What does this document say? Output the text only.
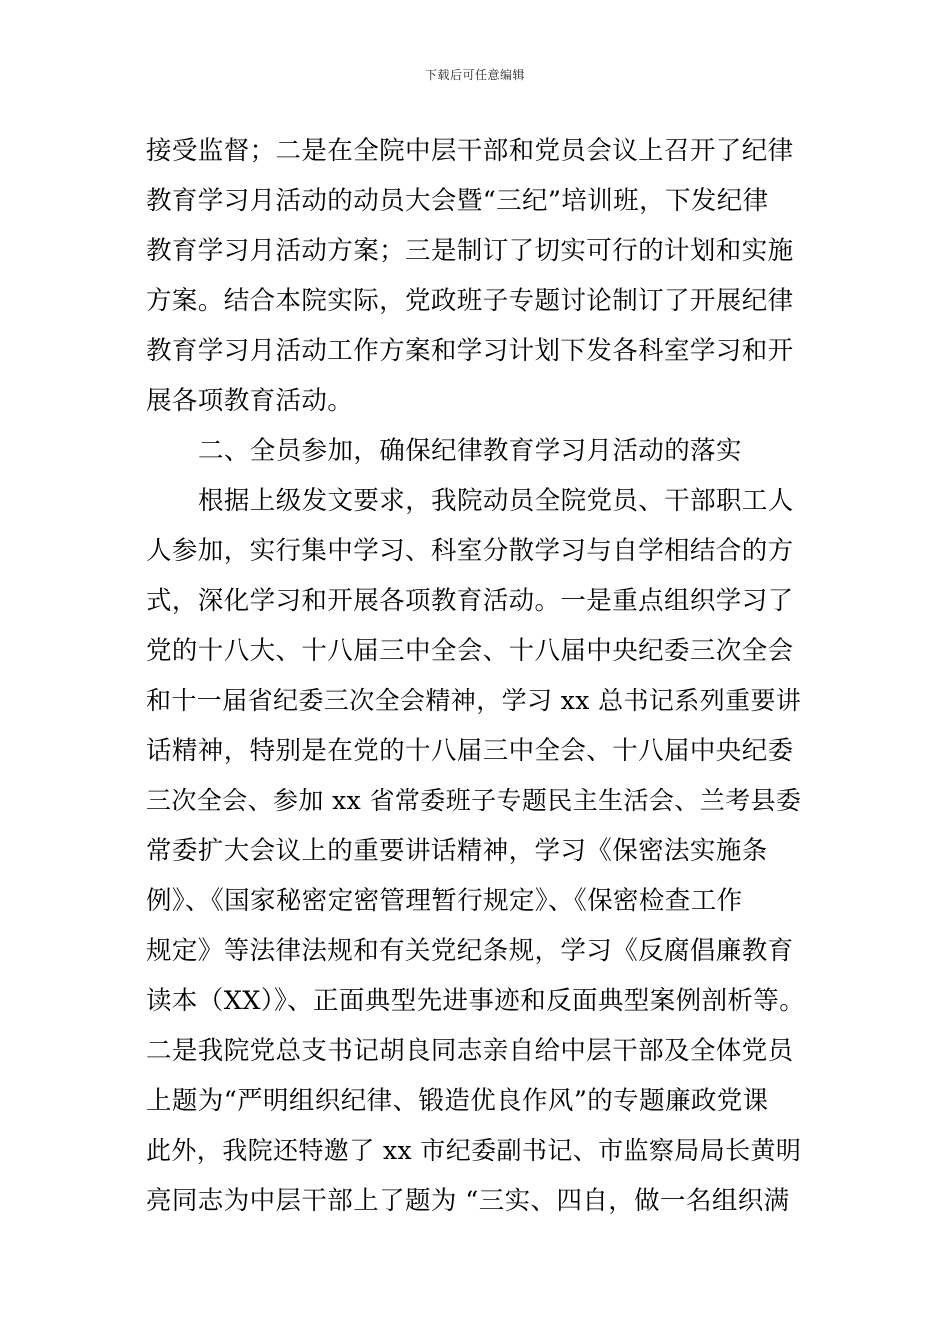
下载后可任意编辑
接受监督；二是在全院中层干部和党员会议上召开了纪律
教育学习月活动的动员大会暨“三纪”培训班，下发纪律
教育学习月活动方案；三是制订了切实可行的计划和实施
方案。结合本院实际，党政班子专题讨论制订了开展纪律
教育学习月活动工作方案和学习计划下发各科室学习和开
展各项教育活动。
二、全员参加，确保纪律教育学习月活动的落实
根据上级发文要求，我院动员全院党员、干部职工人
人参加，实行集中学习、科室分散学习与自学相结合的方
式，深化学习和开展各项教育活动。一是重点组织学习了
党的十八大、十八届三中全会、十八届中央纪委三次全会
和十一届省纪委三次全会精神，学习 xx 总书记系列重要讲
话精神，特别是在党的十八届三中全会、十八届中央纪委
三次全会、参加 xx 省常委班子专题民主生活会、兰考县委
常委扩大会议上的重要讲话精神，学习《保密法实施条
例》、《国家秘密定密管理暂行规定》、《保密检查工作
规定》等法律法规和有关党纪条规，学习《反腐倡廉教育
读本（XX）》、正面典型先进事迹和反面典型案例剖析等。
二是我院党总支书记胡良同志亲自给中层干部及全体党员
上题为“严明组织纪律、锻造优良作风”的专题廉政党课
此外，我院还特邀了 xx 市纪委副书记、市监察局局长黄明
亮同志为中层干部上了题为 “三实、四自，做一名组织满
